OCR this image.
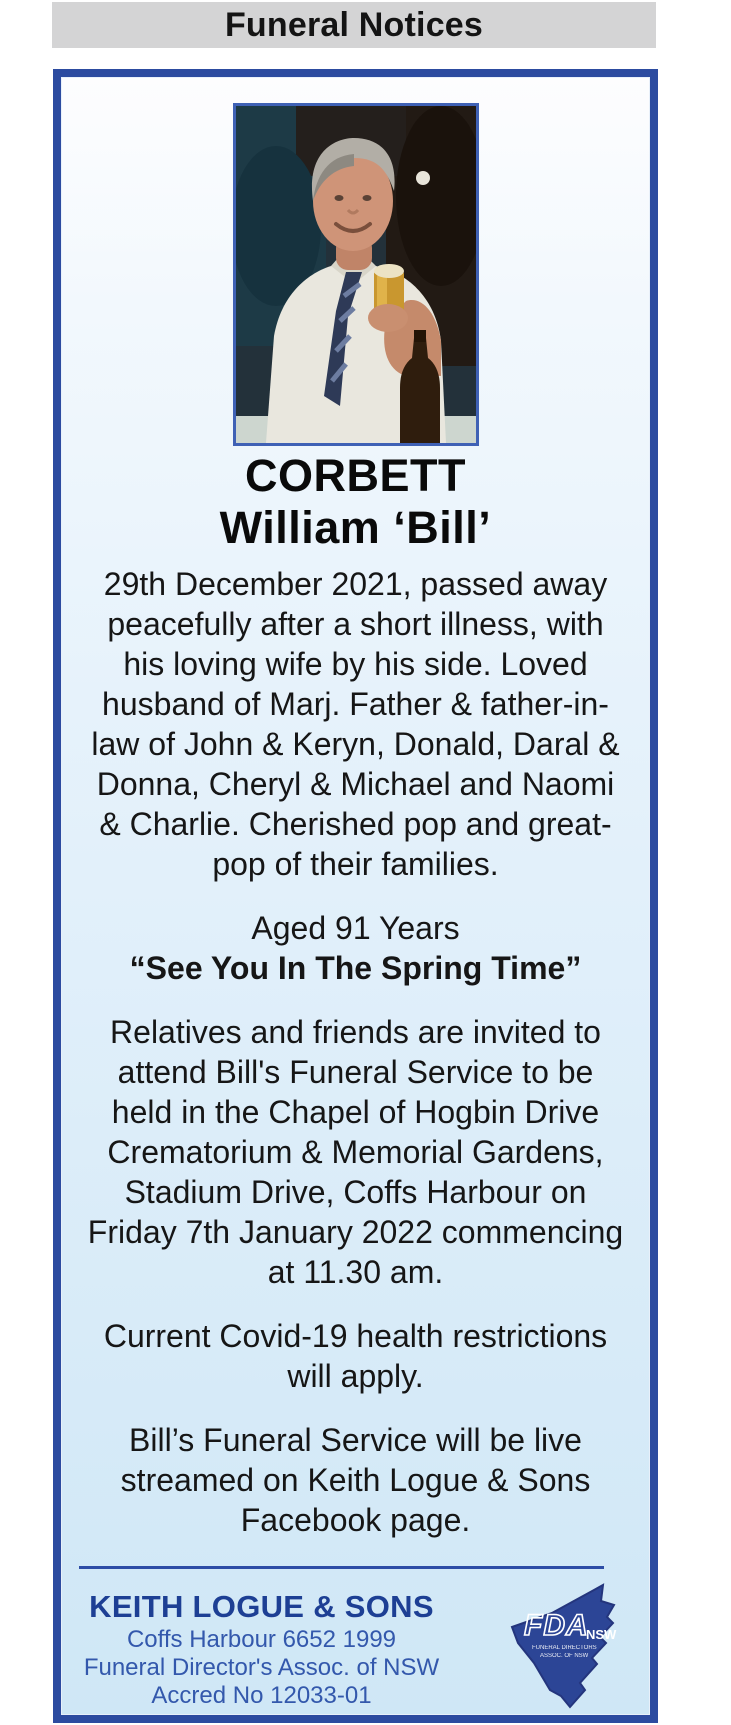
Funeral Notices
CORBETT
William ‘Bill’

29th December 2021, passed away peacefully after a short illness, with his loving wife by his side. Loved husband of Marj. Father & father-in-law of John & Keryn, Donald, Daral & Donna, Cheryl & Michael and Naomi & Charlie. Cherished pop and great-pop of their families.

Aged 91 Years

“See You In The Spring Time”

Relatives and friends are invited to attend Bill's Funeral Service to be held in the Chapel of Hogbin Drive Crematorium & Memorial Gardens, Stadium Drive, Coffs Harbour on Friday 7th January 2022 commencing at 11.30 am.

Current Covid-19 health restrictions will apply.

Bill’s Funeral Service will be live streamed on Keith Logue & Sons Facebook page.

KEITH LOGUE & SONS

Coffs Harbour 6652 1999

Funeral Director's Assoc. of NSW

Accred No 12033-01

FDA
NSW
FUNERAL DIRECTORS
ASSOC. OF NSW
